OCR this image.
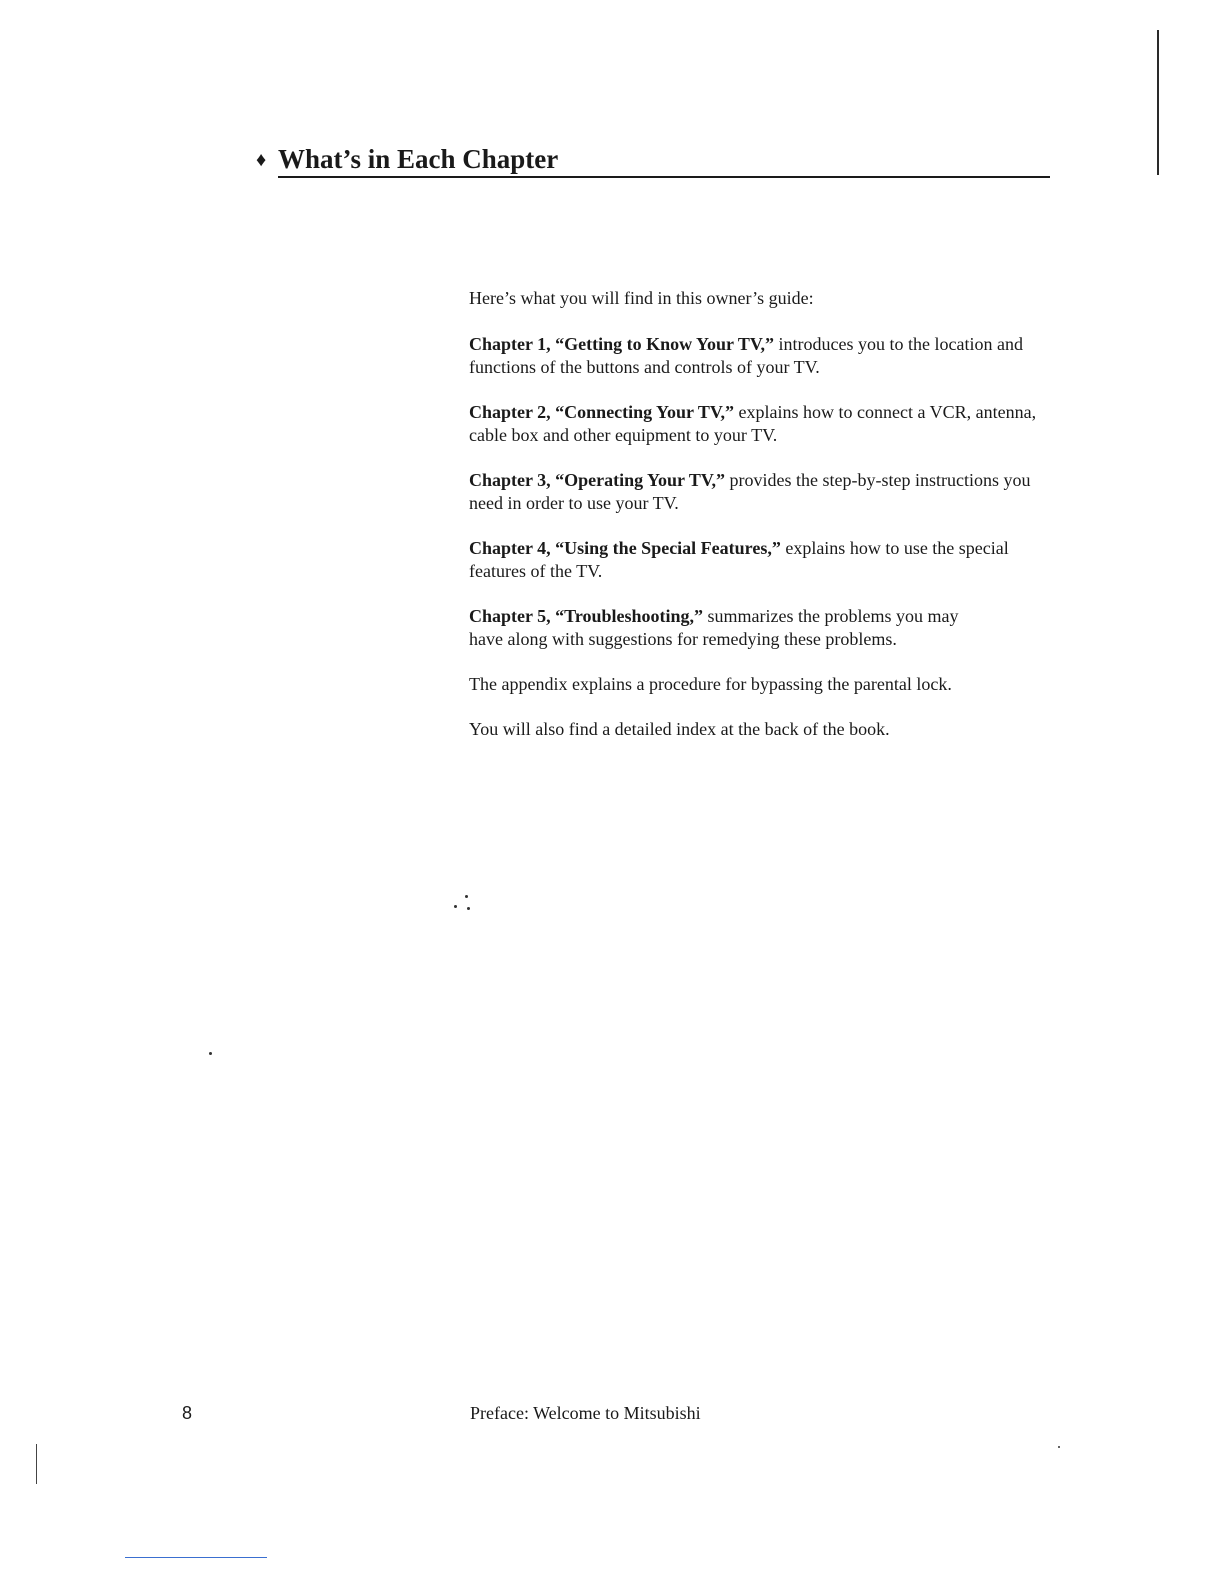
♦ What’s in Each Chapter

Here’s what you will find in this owner’s guide:

Chapter 1, “Getting to Know Your TV,” introduces you to the location and functions of the buttons and controls of your TV.

Chapter 2, “Connecting Your TV,” explains how to connect a VCR, antenna, cable box and other equipment to your TV.

Chapter 3, “Operating Your TV,” provides the step-by-step instructions you need in order to use your TV.

Chapter 4, “Using the Special Features,” explains how to use the special features of the TV.

Chapter 5, “Troubleshooting,” summarizes the problems you may have along with suggestions for remedying these problems.

The appendix explains a procedure for bypassing the parental lock.

You will also find a detailed index at the back of the book.

8	Preface: Welcome to Mitsubishi
